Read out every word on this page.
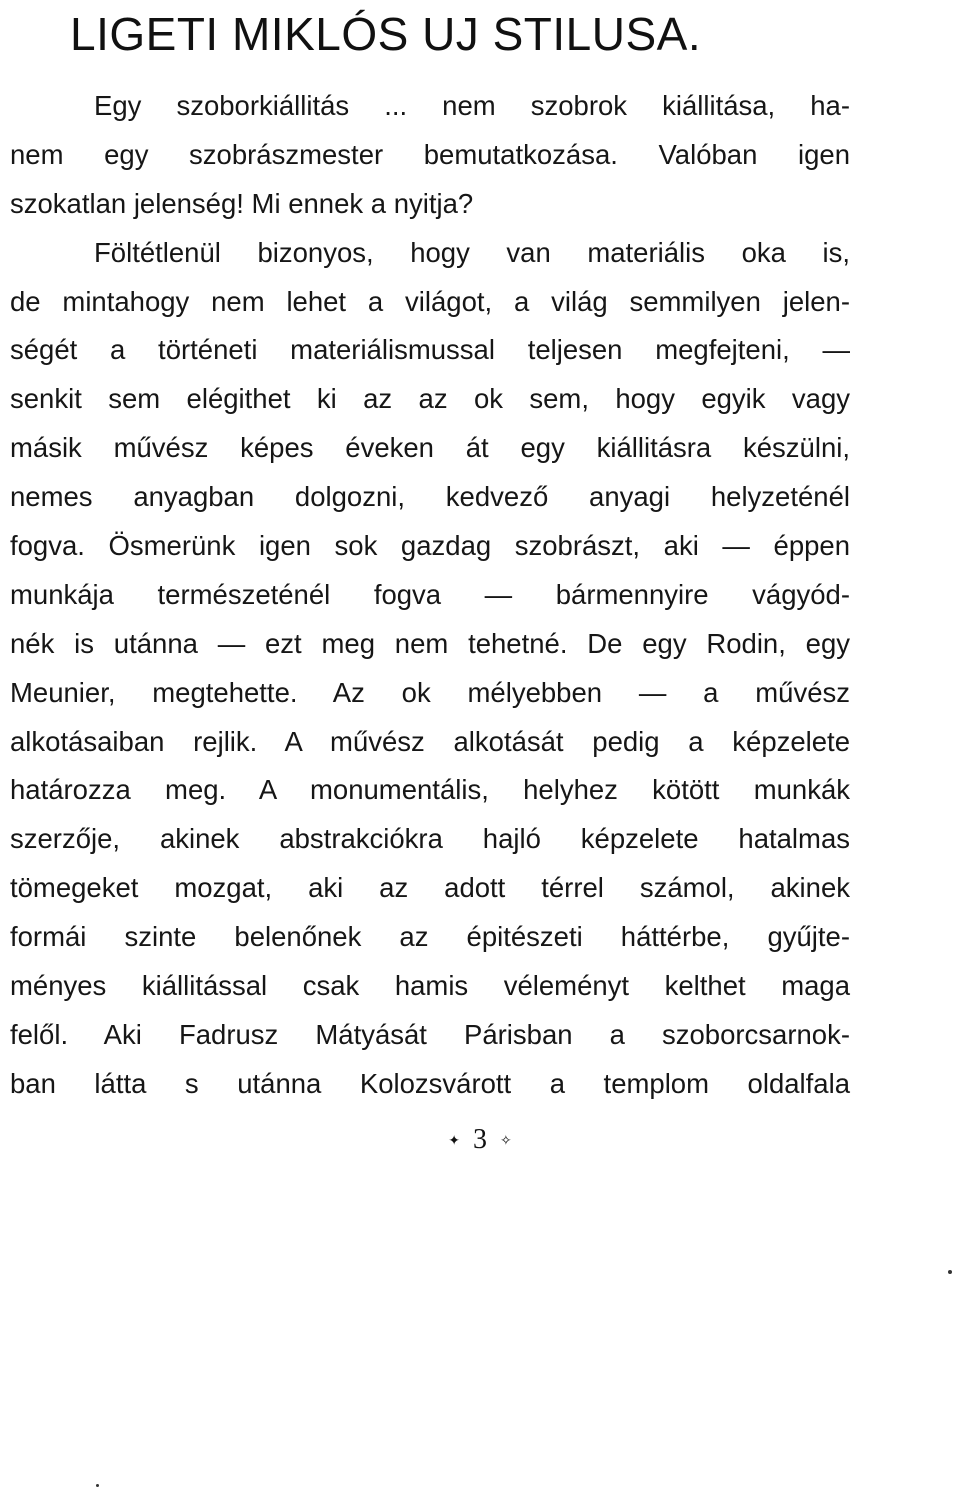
LIGETI MIKLÓS UJ STILUSA.
Egy szoborkiállitás ... nem szobrok kiállitása, ha-
nem egy szobrászmester bemutatkozása. Valóban igen
szokatlan jelenség! Mi ennek a nyitja?
Föltétlenül bizonyos, hogy van materiális oka is,
de mintahogy nem lehet a világot, a világ semmilyen jelen-
ségét a történeti materiálismussal teljesen megfejteni, —
senkit sem elégithet ki az az ok sem, hogy egyik vagy
másik művész képes éveken át egy kiállitásra készülni,
nemes anyagban dolgozni, kedvező anyagi helyzeténél
fogva. Ösmerünk igen sok gazdag szobrászt, aki — éppen
munkája természeténél fogva — bármennyire vágyód-
nék is utánna — ezt meg nem tehetné. De egy Rodin, egy
Meunier, megtehette. Az ok mélyebben — a művész
alkotásaiban rejlik. A művész alkotását pedig a képzelete
határozza meg. A monumentális, helyhez kötött munkák
szerzője, akinek abstrakciókra hajló képzelete hatalmas
tömegeket mozgat, aki az adott térrel számol, akinek
formái szinte belenőnek az épitészeti háttérbe, gyűjte-
ményes kiállitással csak hamis véleményt kelthet maga
felől. Aki Fadrusz Mátyását Párisban a szoborcsarnok-
ban látta s utánna Kolozsvárott a templom oldalfala
✦ 3 ✧
